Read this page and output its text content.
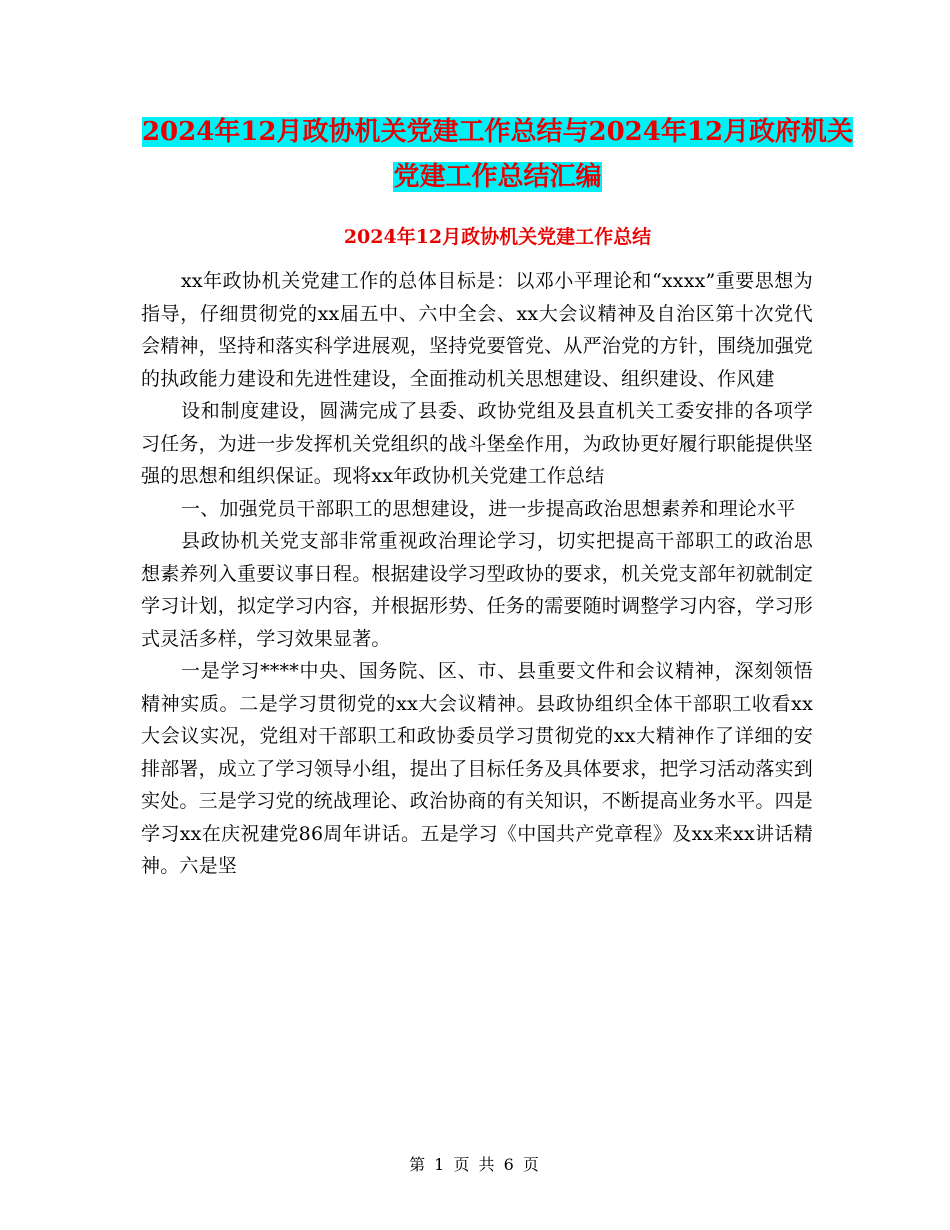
2024年12月政协机关党建工作总结与2024年12月政府机关党建工作总结汇编
2024年12月政协机关党建工作总结

xx年政协机关党建工作的总体目标是：以邓小平理论和“xxxx”重要思想为指导，仔细贯彻党的xx届五中、六中全会、xx大会议精神及自治区第十次党代会精神，坚持和落实科学进展观，坚持党要管党、从严治党的方针，围绕加强党的执政能力建设和先进性建设，全面推动机关思想建设、组织建设、作风建

设和制度建设，圆满完成了县委、政协党组及县直机关工委安排的各项学习任务，为进一步发挥机关党组织的战斗堡垒作用，为政协更好履行职能提供坚强的思想和组织保证。现将xx年政协机关党建工作总结

一、加强党员干部职工的思想建设，进一步提高政治思想素养和理论水平

县政协机关党支部非常重视政治理论学习，切实把提高干部职工的政治思想素养列入重要议事日程。根据建设学习型政协的要求，机关党支部年初就制定学习计划，拟定学习内容，并根据形势、任务的需要随时调整学习内容，学习形式灵活多样，学习效果显著。

一是学习****中央、国务院、区、市、县重要文件和会议精神，深刻领悟精神实质。二是学习贯彻党的xx大会议精神。县政协组织全体干部职工收看xx大会议实况，党组对干部职工和政协委员学习贯彻党的xx大精神作了详细的安排部署，成立了学习领导小组，提出了目标任务及具体要求，把学习活动落实到实处。三是学习党的统战理论、政治协商的有关知识，不断提高业务水平。四是学习xx在庆祝建党86周年讲话。五是学习《中国共产党章程》及xx来xx讲话精神。六是坚

第 1 页 共 6 页
